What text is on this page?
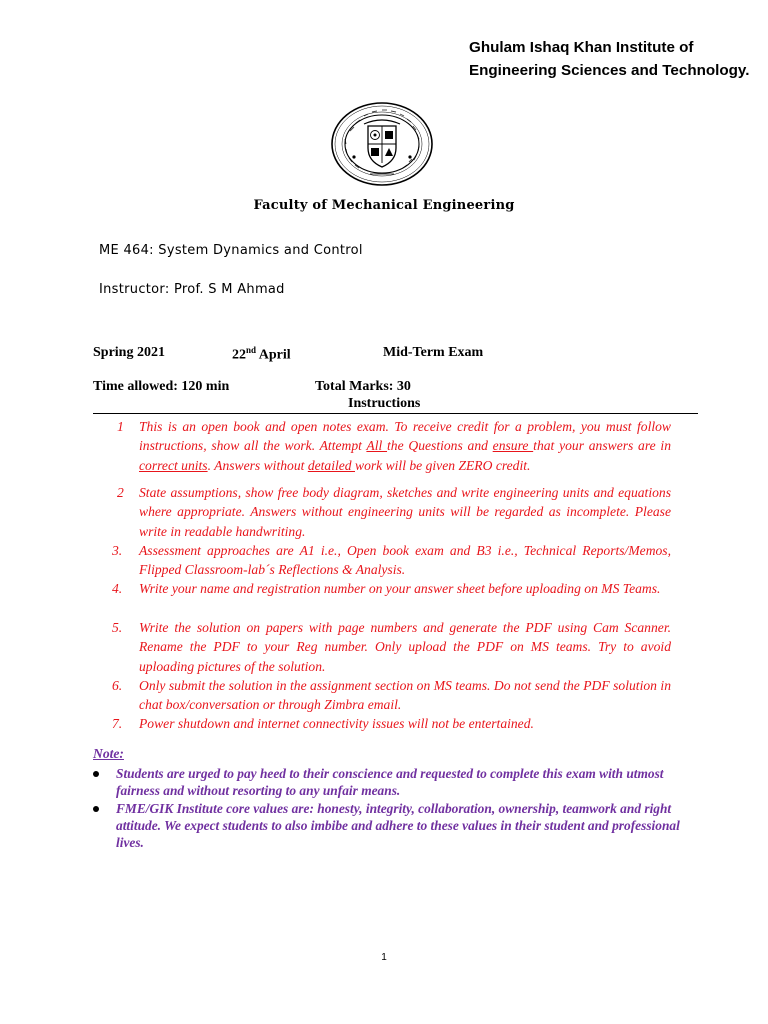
Ghulam Ishaq Khan Institute of
Engineering Sciences and Technology.
Faculty of Mechanical Engineering
ME 464: System Dynamics and Control
Instructor: Prof. S M Ahmad
Spring 2021	22nd April	Mid-Term Exam
Time allowed: 120 min	Total Marks: 30
Instructions
1 This is an open book and open notes exam. To receive credit for a problem, you must follow instructions, show all the work. Attempt All the Questions and ensure that your answers are in correct units. Answers without detailed work will be given ZERO credit.
2 State assumptions, show free body diagram, sketches and write engineering units and equations where appropriate. Answers without engineering units will be regarded as incomplete. Please write in readable handwriting.
3. Assessment approaches are A1 i.e., Open book exam and B3 i.e., Technical Reports/Memos, Flipped Classroom-lab´s Reflections & Analysis.
4. Write your name and registration number on your answer sheet before uploading on MS Teams.
5. Write the solution on papers with page numbers and generate the PDF using Cam Scanner. Rename the PDF to your Reg number. Only upload the PDF on MS teams. Try to avoid uploading pictures of the solution.
6. Only submit the solution in the assignment section on MS teams. Do not send the PDF solution in chat box/conversation or through Zimbra email.
7. Power shutdown and internet connectivity issues will not be entertained.
Note:
Students are urged to pay heed to their conscience and requested to complete this exam with utmost fairness and without resorting to any unfair means.
FME/GIK Institute core values are: honesty, integrity, collaboration, ownership, teamwork and right attitude. We expect students to also imbibe and adhere to these values in their student and professional lives.
1
